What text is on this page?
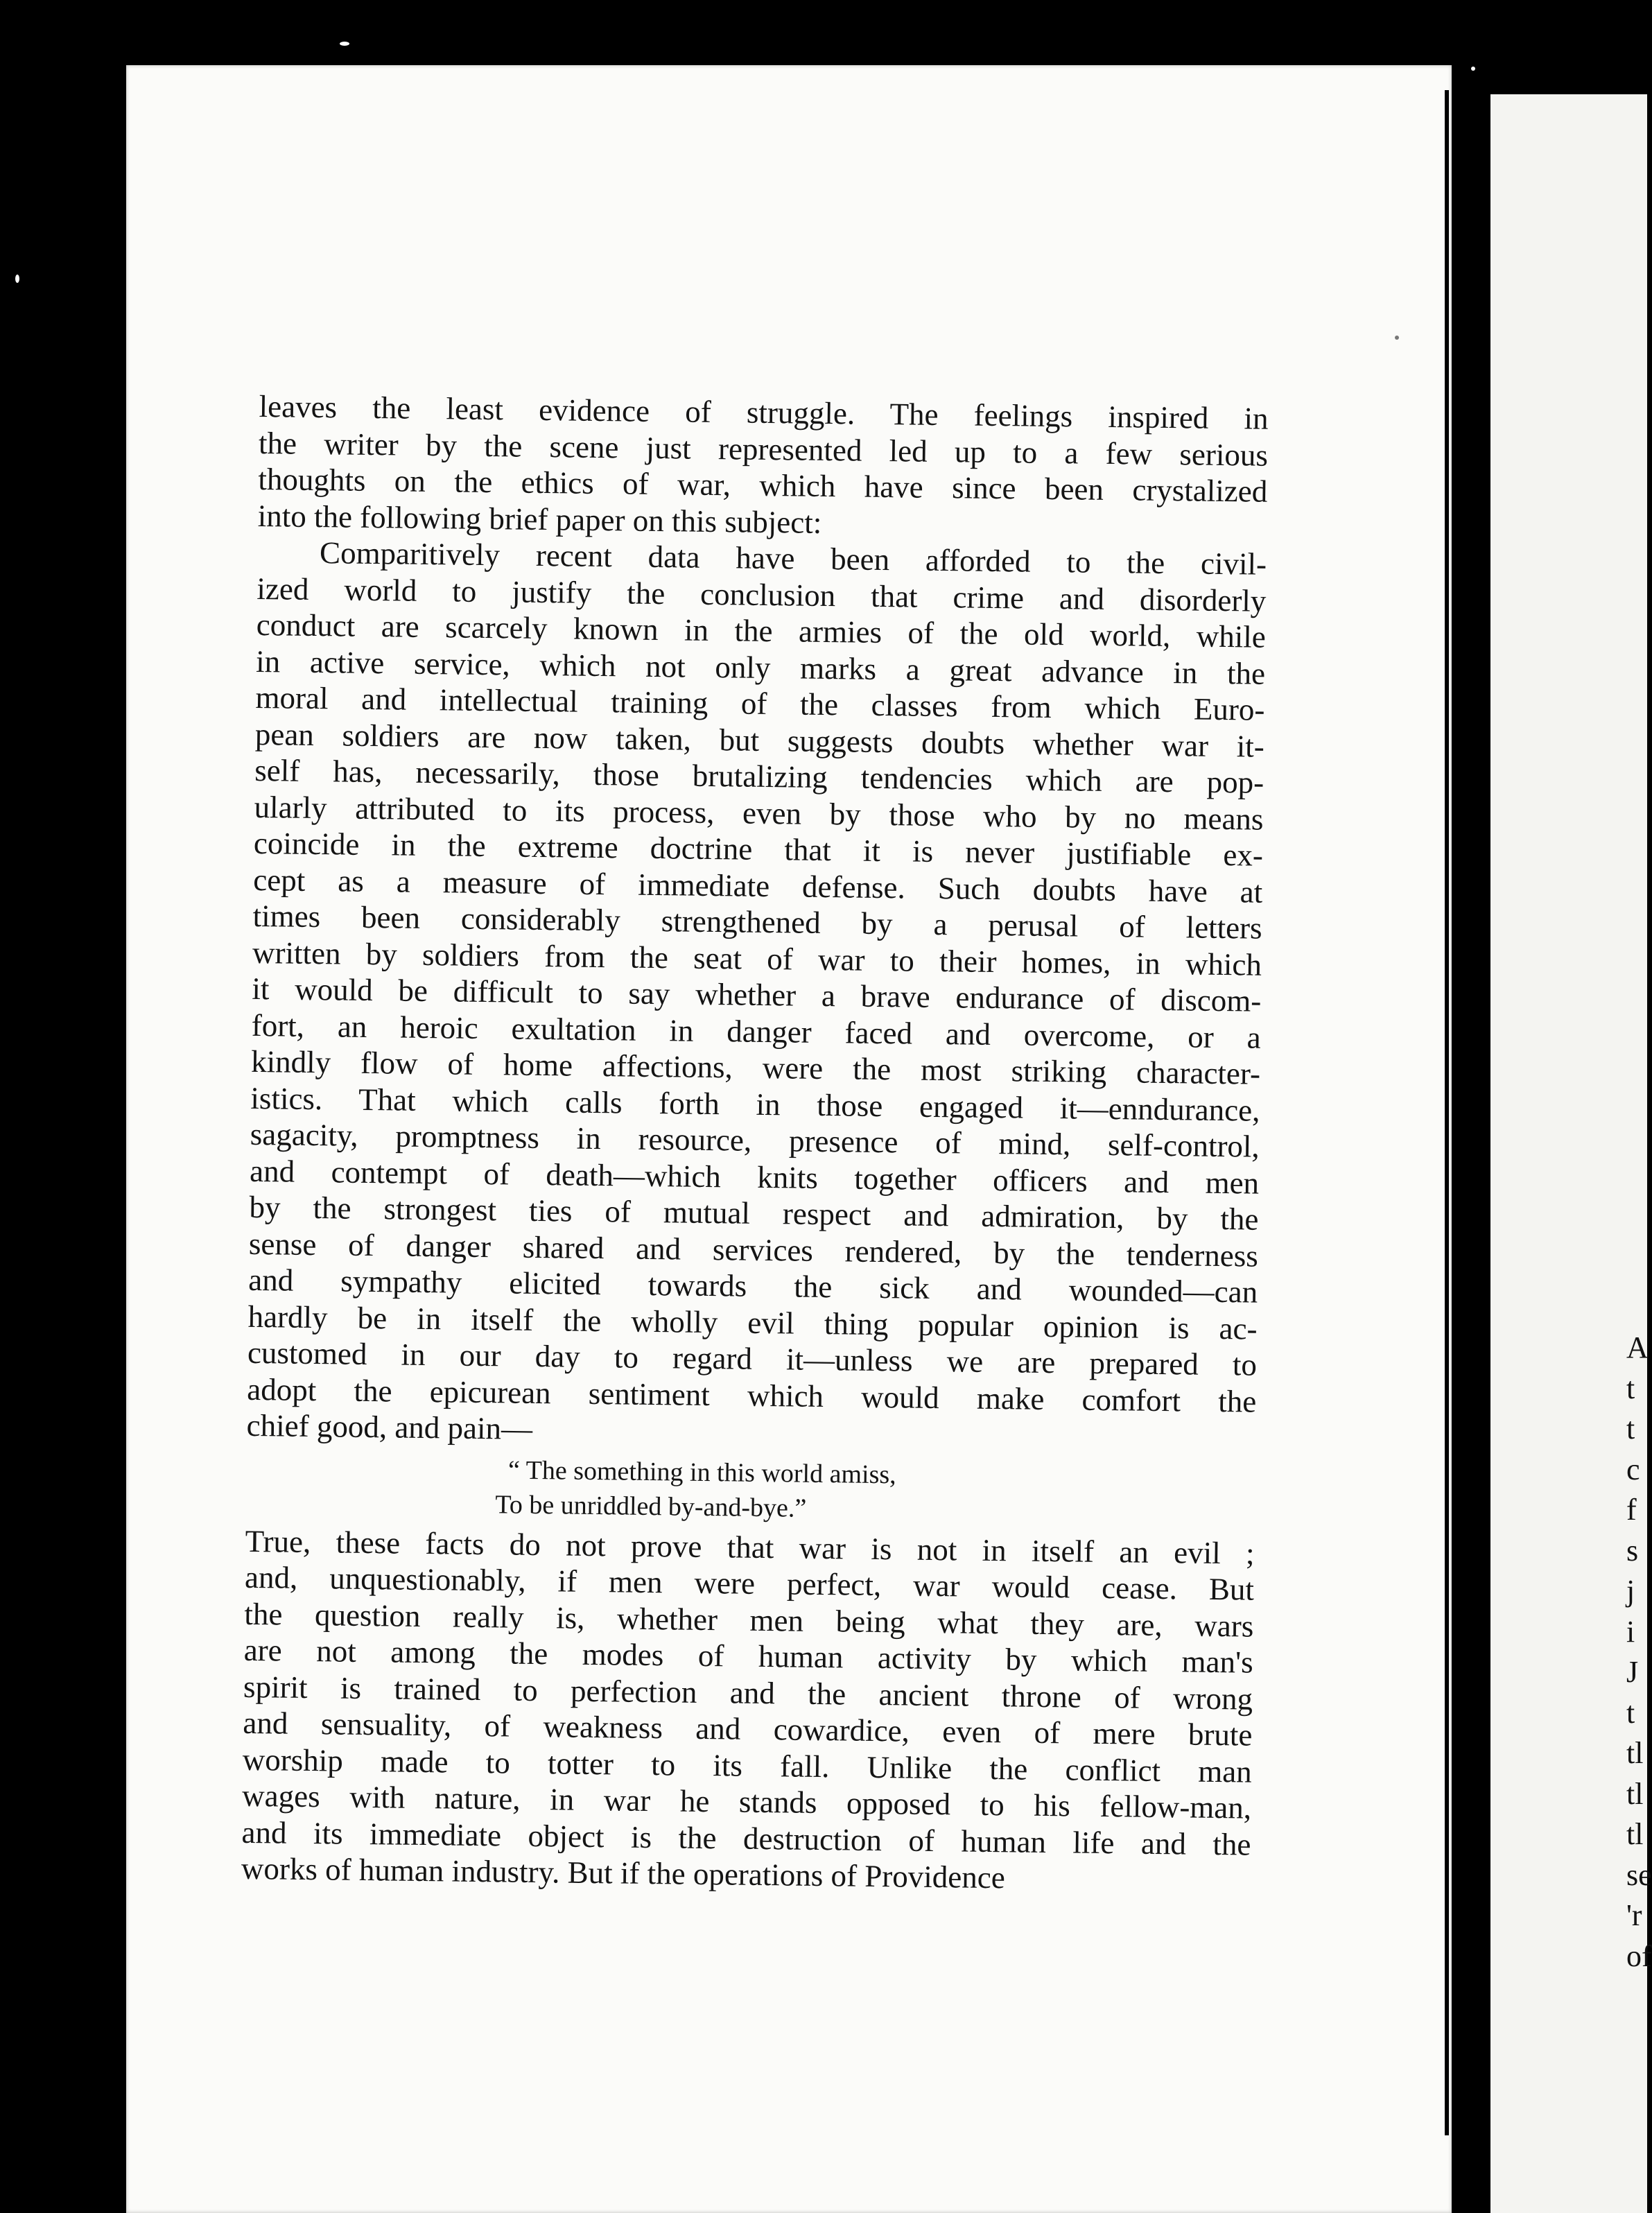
A
t
t
c
f
s
j
i
J
t
tl
tl
tl
se
'r
of

leaves the least evidence of struggle. The feelings inspired in
the writer by the scene just represented led up to a few serious
thoughts on the ethics of war, which have since been crystalized
into the following brief paper on this subject:

Comparitively recent data have been afforded to the civil-
ized world to justify the conclusion that crime and disorderly
conduct are scarcely known in the armies of the old world, while
in active service, which not only marks a great advance in the
moral and intellectual training of the classes from which Euro-
pean soldiers are now taken, but suggests doubts whether war it-
self has, necessarily, those brutalizing tendencies which are pop-
ularly attributed to its process, even by those who by no means
coincide in the extreme doctrine that it is never justifiable ex-
cept as a measure of immediate defense. Such doubts have at
times been considerably strengthened by a perusal of letters
written by soldiers from the seat of war to their homes, in which
it would be difficult to say whether a brave endurance of discom-
fort, an heroic exultation in danger faced and overcome, or a
kindly flow of home affections, were the most striking character-
istics. That which calls forth in those engaged it—enndurance,
sagacity, promptness in resource, presence of mind, self-control,
and contempt of death—which knits together officers and men
by the strongest ties of mutual respect and admiration, by the
sense of danger shared and services rendered, by the tenderness
and sympathy elicited towards the sick and wounded—can
hardly be in itself the wholly evil thing popular opinion is ac-
customed in our day to regard it—unless we are prepared to
adopt the epicurean sentiment which would make comfort the
chief good, and pain—

“ The something in this world amiss,
To be unriddled by-and-bye.”

True, these facts do not prove that war is not in itself an evil ;
and, unquestionably, if men were perfect, war would cease. But
the question really is, whether men being what they are, wars
are not among the modes of human activity by which man's
spirit is trained to perfection and the ancient throne of wrong
and sensuality, of weakness and cowardice, even of mere brute
worship made to totter to its fall. Unlike the conflict man
wages with nature, in war he stands opposed to his fellow-man,
and its immediate object is the destruction of human life and the
works of human industry. But if the operations of Providence
